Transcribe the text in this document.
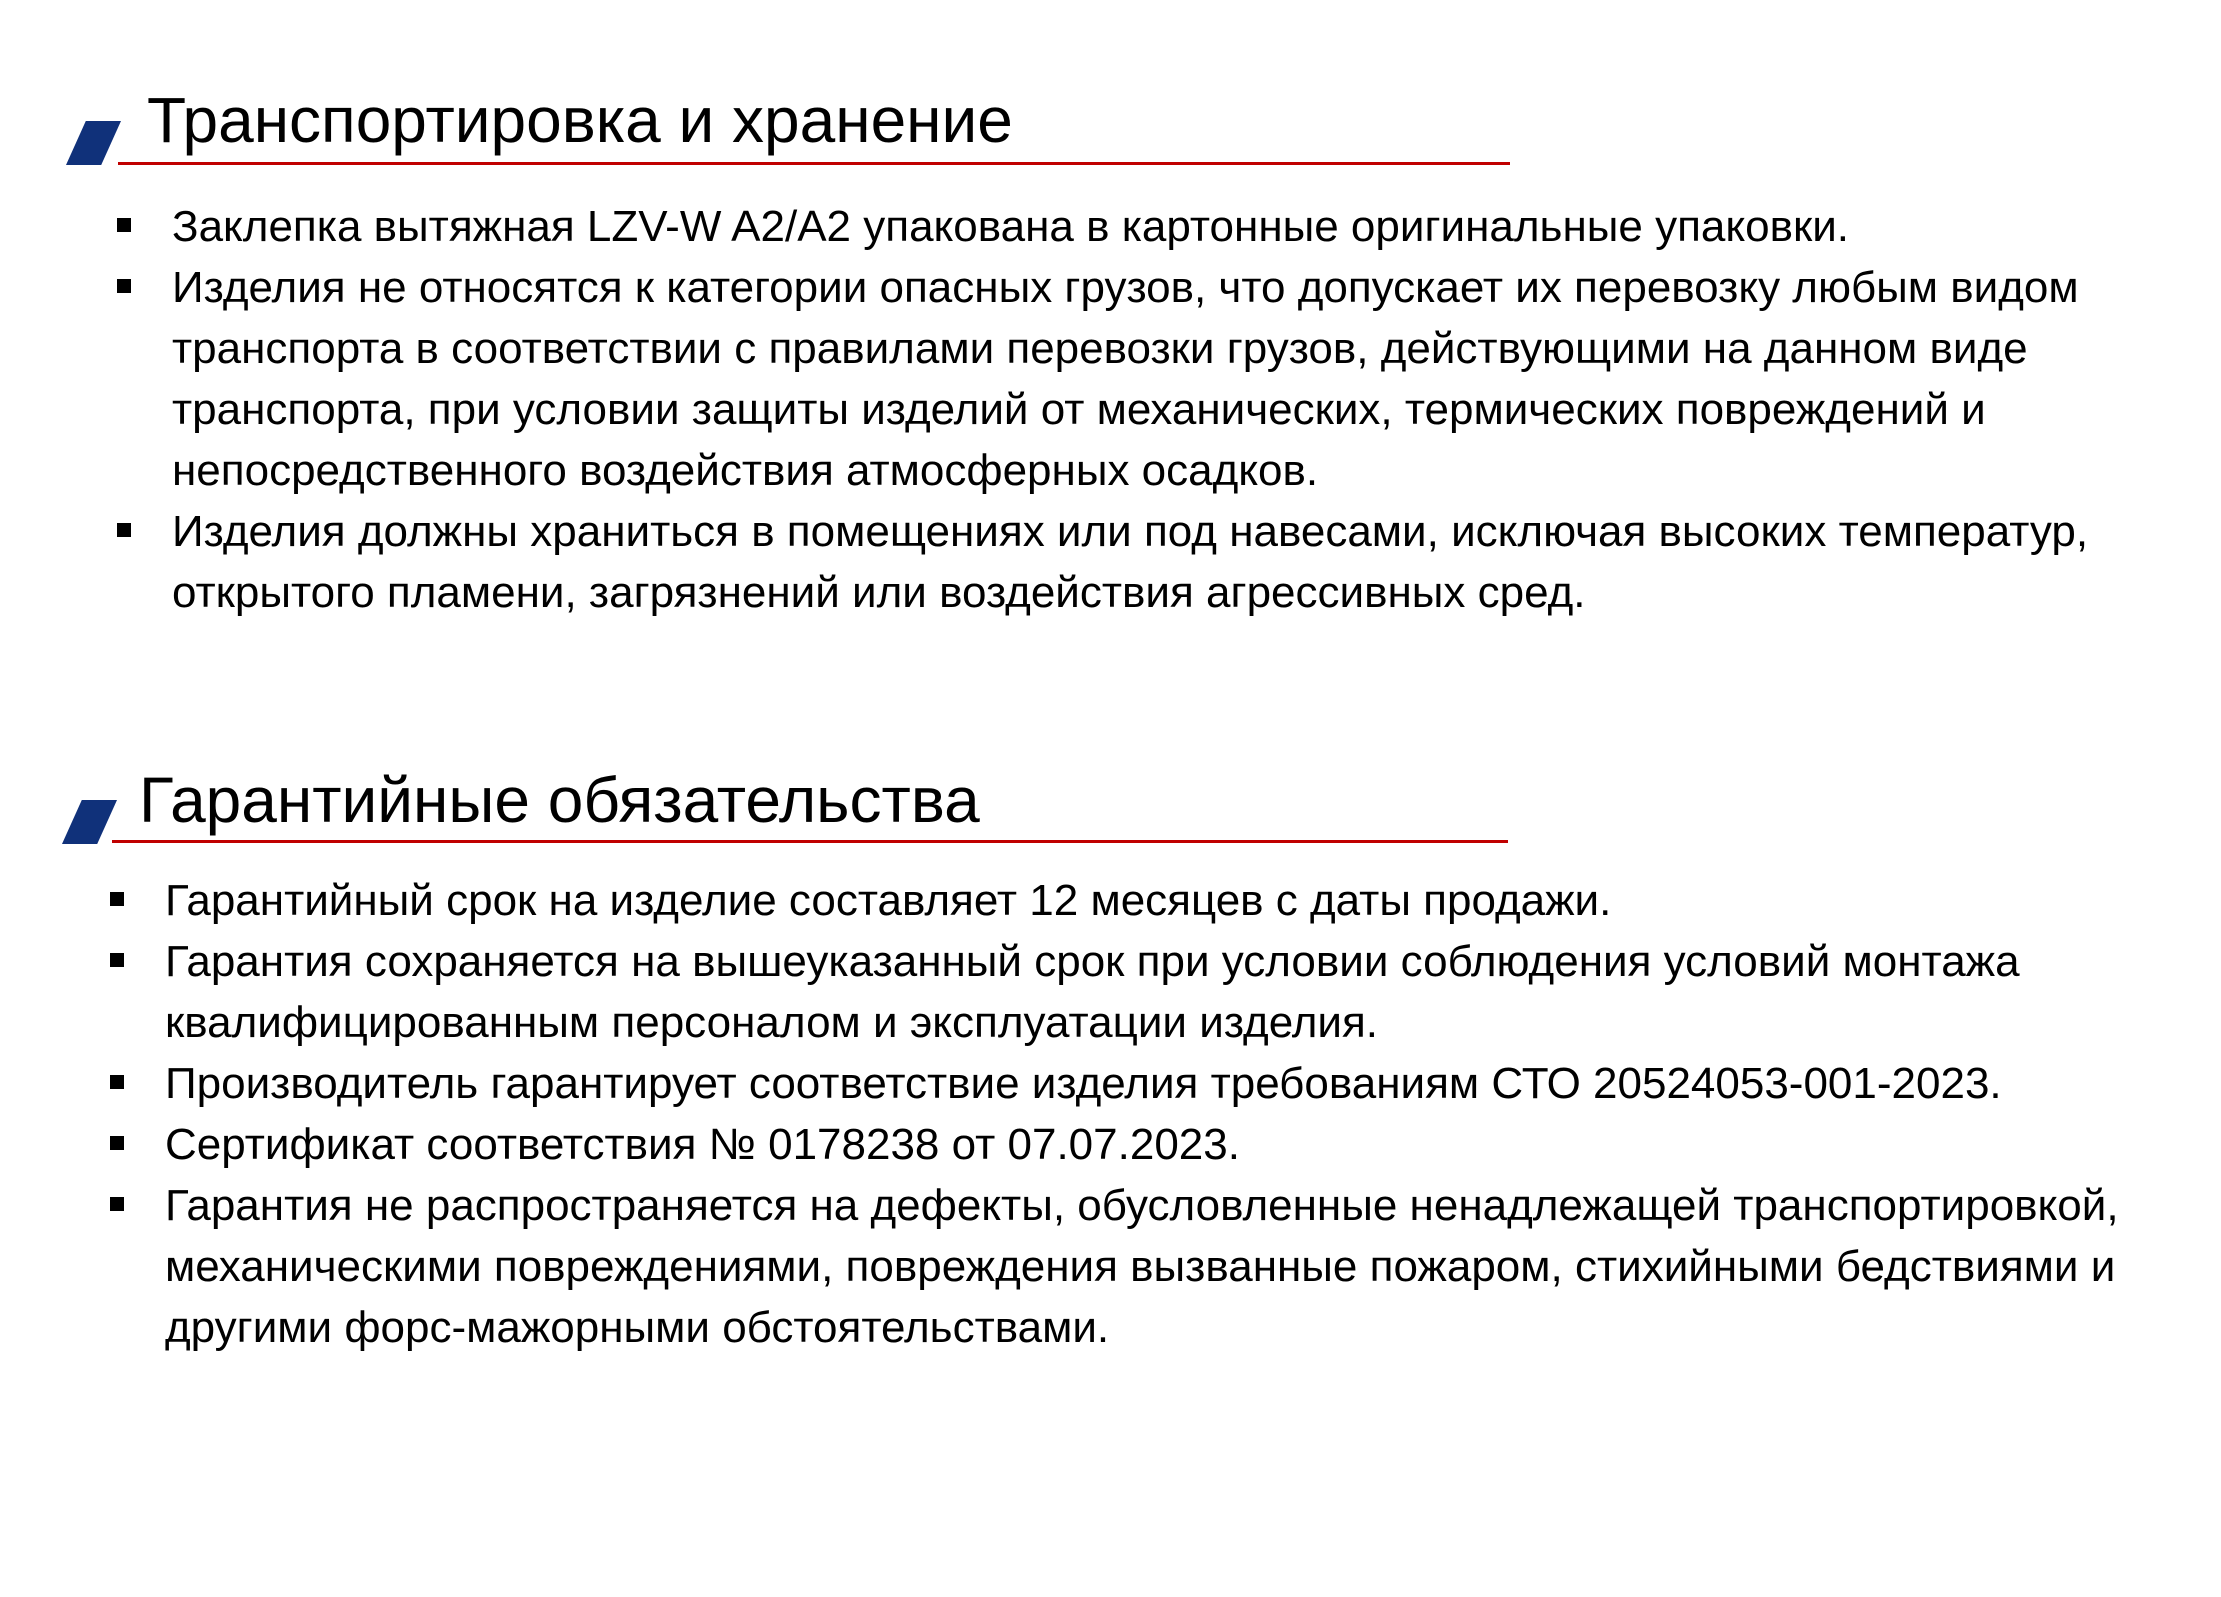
Транспортировка и хранение
Заклепка вытяжная LZV-W A2/A2 упакована в картонные оригинальные упаковки.
Изделия не относятся к категории опасных грузов, что допускает их перевозку любым видом транспорта в соответствии с правилами перевозки грузов, действующими на данном виде транспорта, при условии защиты изделий от механических, термических повреждений и непосредственного воздействия атмосферных осадков.
Изделия должны храниться в помещениях или под навесами, исключая высоких температур, открытого пламени, загрязнений или воздействия агрессивных сред.
Гарантийные обязательства
Гарантийный срок на изделие составляет 12 месяцев с даты продажи.
Гарантия сохраняется на вышеуказанный срок при условии соблюдения условий монтажа квалифицированным персоналом и эксплуатации изделия.
Производитель гарантирует соответствие изделия требованиям СТО 20524053-001-2023.
Сертификат соответствия № 0178238 от 07.07.2023.
Гарантия не распространяется на дефекты, обусловленные ненадлежащей транспортировкой, механическими повреждениями, повреждения вызванные пожаром, стихийными бедствиями и другими форс-мажорными обстоятельствами.
